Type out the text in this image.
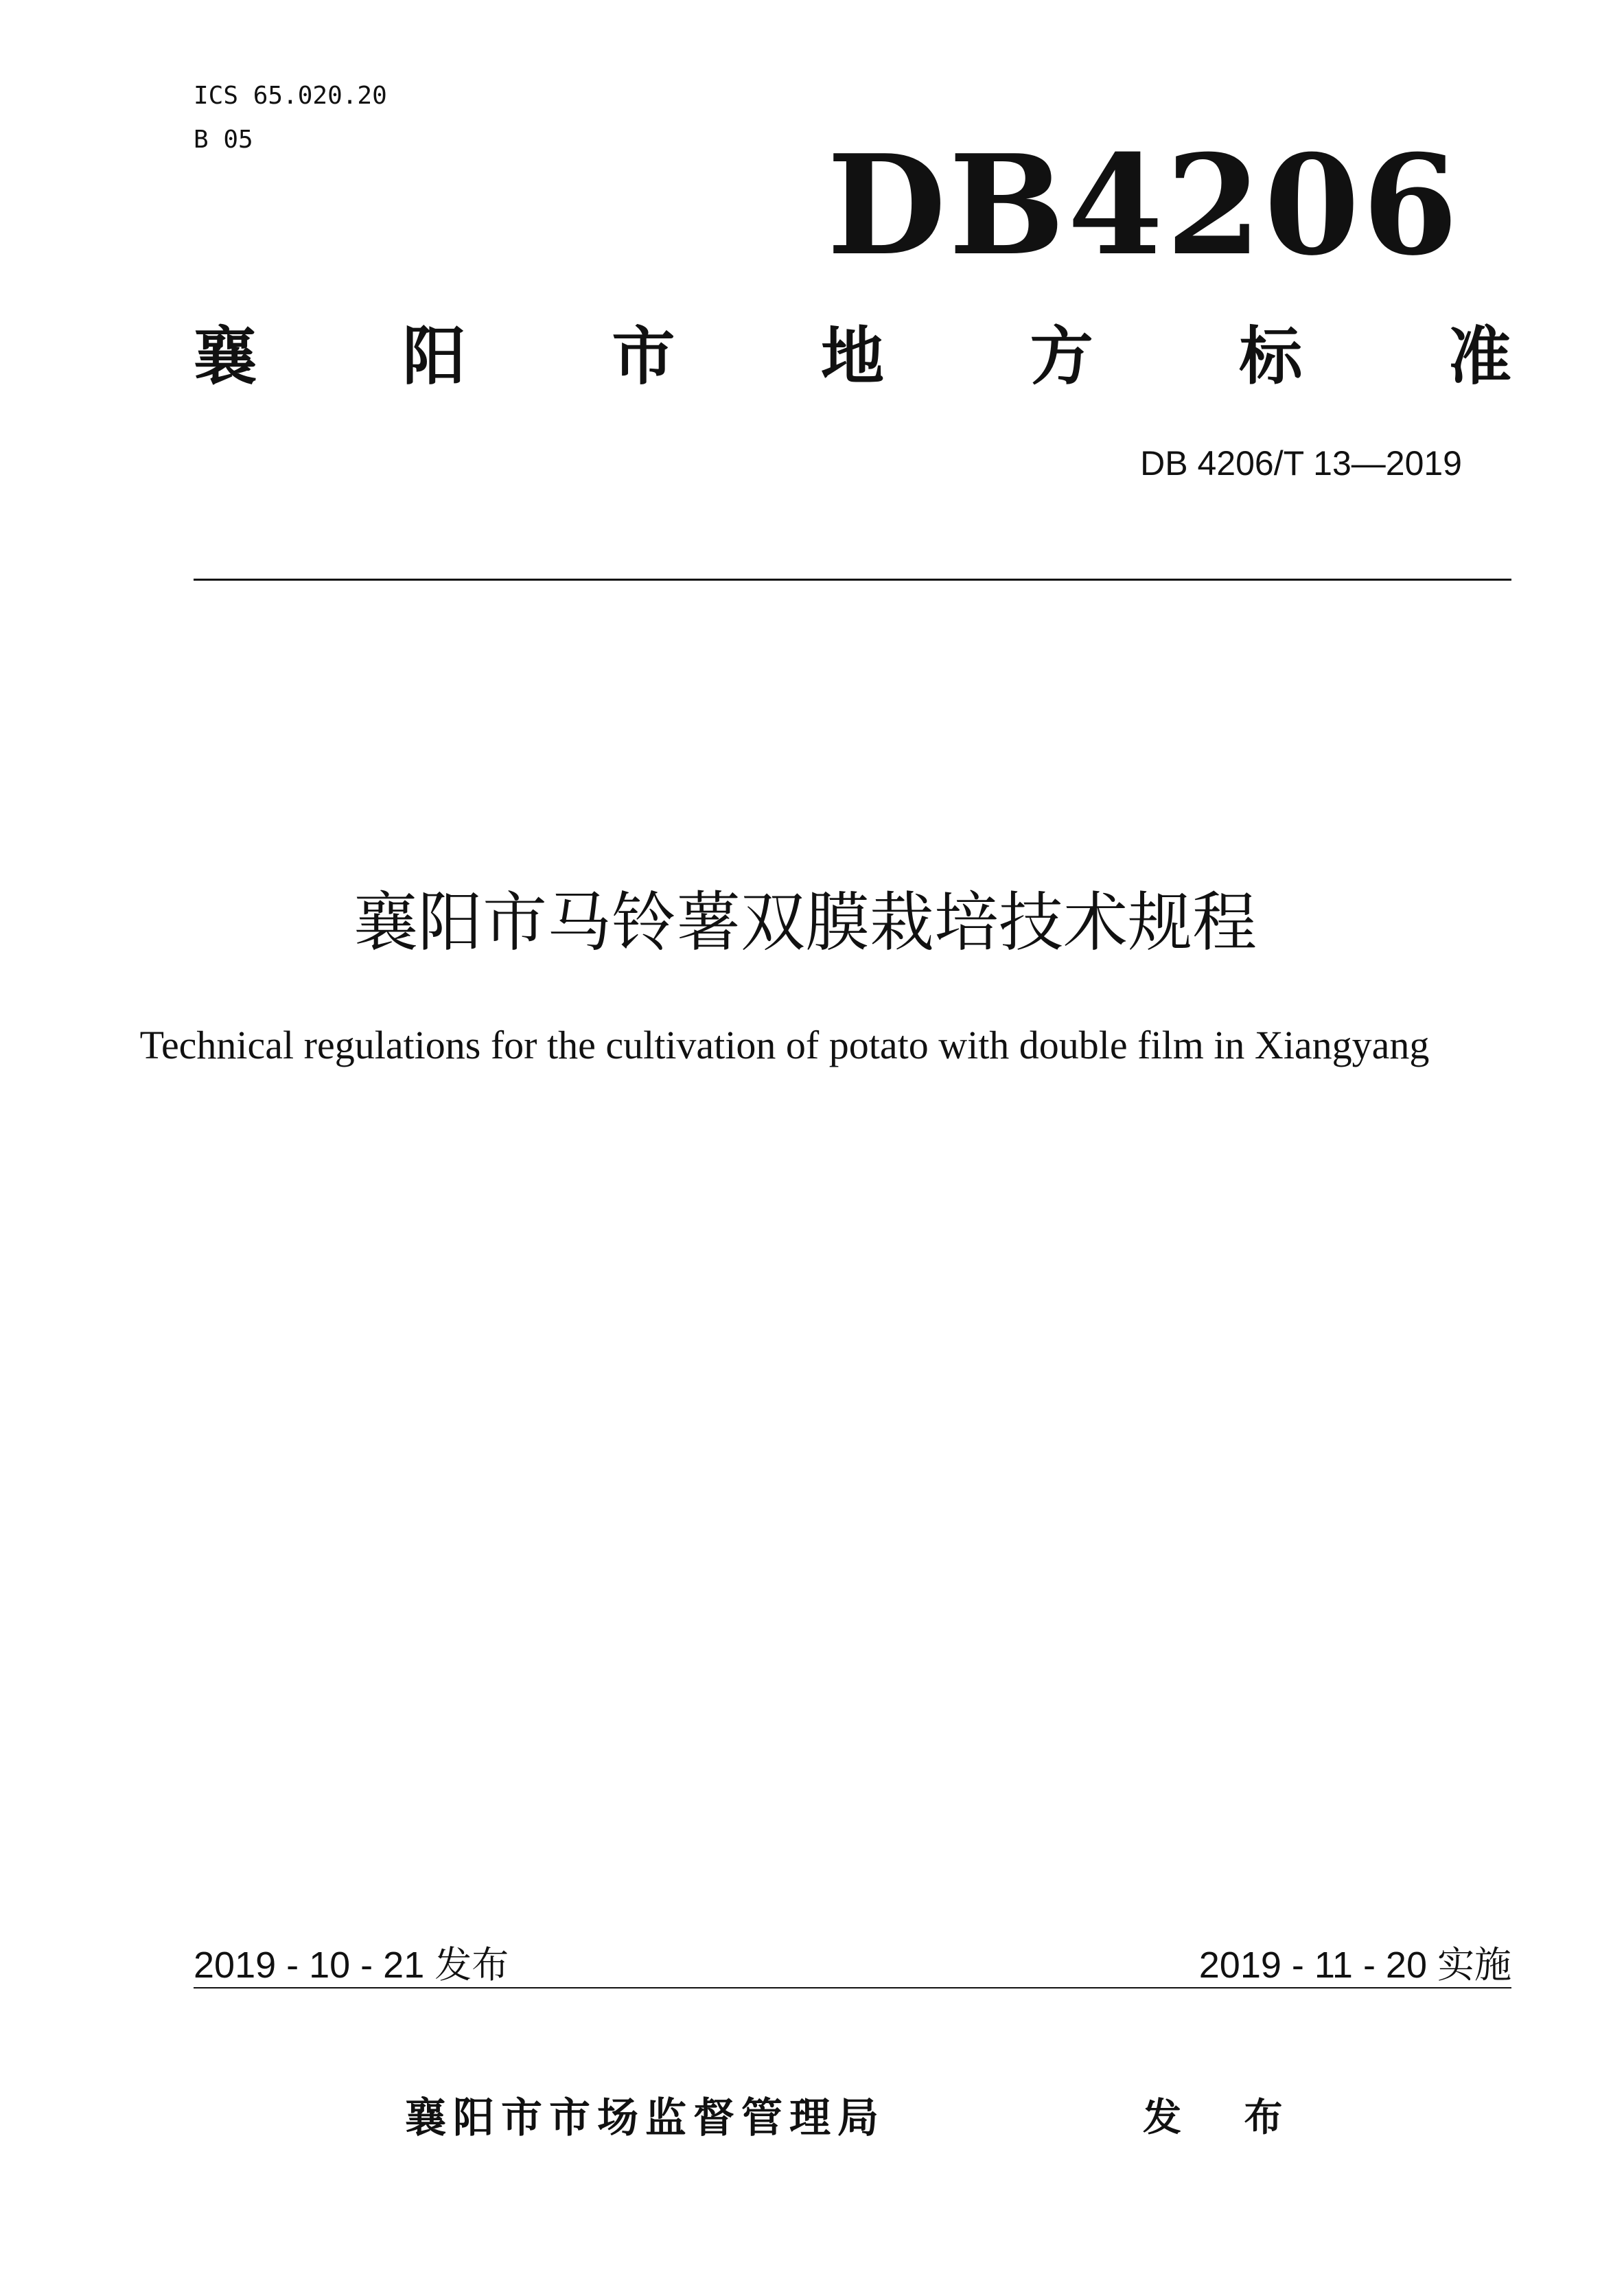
ICS 65.020.20
B 05	DB4206
襄 阳 市 地 方 标 准
DB 4206/T 13—2019
襄阳市马铃薯双膜栽培技术规程
Technical regulations for the cultivation of potato with double film in Xiangyang
2019 - 10 - 21 发布	2019 - 11 - 20 实施
襄阳市市场监督管理局	发 布
